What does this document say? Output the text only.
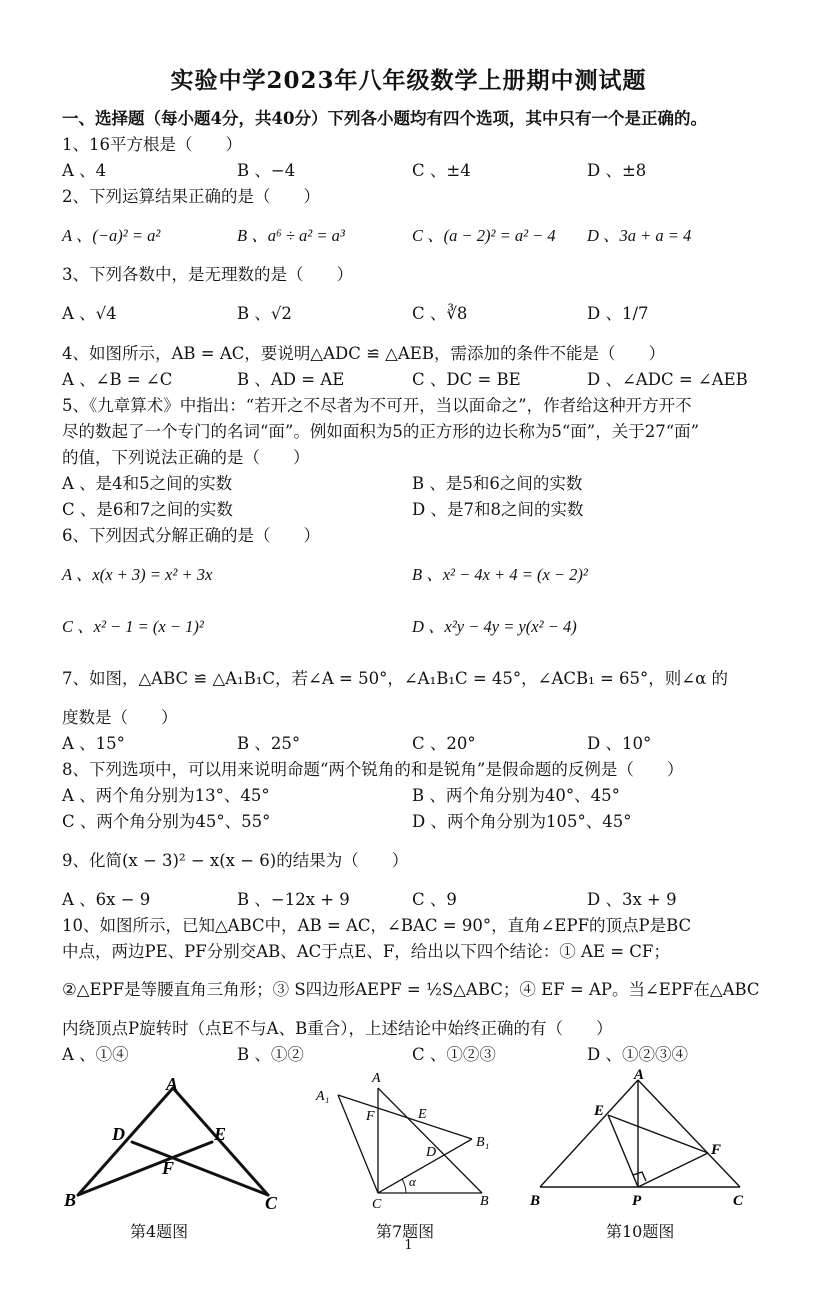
实验中学2023年八年级数学上册期中测试题
一、选择题（每小题4分，共40分）下列各小题均有四个选项，其中只有一个是正确的。
1、16平方根是（　　）
A 、4	B 、−4	C 、±4	D 、±8
2、下列运算结果正确的是（　　）
A 、(−a)² = a²	B 、a⁶ ÷ a² = a³	C 、(a − 2)² = a² − 4 D 、3a + a = 4
3、下列各数中，是无理数的是（　　）
A 、√4	B 、√2	C 、∛8	D 、1/7
4、如图所示，AB = AC，要说明△ADC ≌ △AEB，需添加的条件不能是（　　）
A 、∠B = ∠C	B 、AD = AE	C 、DC = BE	D 、∠ADC = ∠AEB
5、《九章算术》中指出：“若开之不尽者为不可开，当以面命之”，作者给这种开方开不
尽的数起了一个专门的名词“面”。例如面积为5的正方形的边长称为5“面”，关于27“面”
的值，下列说法正确的是（　　）
A 、是4和5之间的实数	B 、是5和6之间的实数
C 、是6和7之间的实数	D 、是7和8之间的实数
6、下列因式分解正确的是（　　）
A 、x(x + 3) = x² + 3x	B 、x² − 4x + 4 = (x − 2)²
C 、x² − 1 = (x − 1)²	D 、x²y − 4y = y(x² − 4)
7、如图，△ABC ≌ △A₁B₁C，若∠A = 50°，∠A₁B₁C = 45°，∠ACB₁ = 65°，则∠α 的
度数是（　　）
A 、15°	B 、25°	C 、20°	D 、10°
8、下列选项中，可以用来说明命题“两个锐角的和是锐角”是假命题的反例是（　　）
A 、两个角分别为13°、45°	B 、两个角分别为40°、45°
C 、两个角分别为45°、55°	D 、两个角分别为105°、45°
9、化简(x − 3)² − x(x − 6)的结果为（　　）
A 、6x − 9	B 、−12x + 9	C 、9	D 、3x + 9
10、如图所示，已知△ABC中，AB = AC，∠BAC = 90°，直角∠EPF的顶点P是BC
中点，两边PE、PF分别交AB、AC于点E、F，给出以下四个结论：① AE = CF；
②△EPF是等腰直角三角形；③ S四边形AEPF = ½S△ABC；④ EF = AP。当∠EPF在△ABC
内绕顶点P旋转时（点E不与A、B重合），上述结论中始终正确的有（　　）
A 、①④	B 、①②	C 、①②③	D 、①②③④
A
B	C
D	E
F
第4题图
A
A₁
B
B₁
C
D
E
F
α
第7题图
A
B	C
E
F
P
第10题图
1
